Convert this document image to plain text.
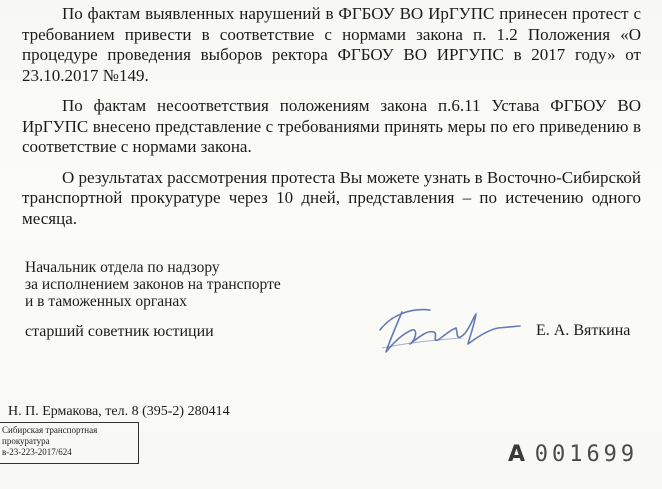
По фактам выявленных нарушений в ФГБОУ ВО ИрГУПС принесен протест с требованием привести в соответствие с нормами закона п. 1.2 Положения «О процедуре проведения выборов ректора ФГБОУ ВО ИРГУПС в 2017 году» от 23.10.2017 №149.

По фактам несоответствия положениям закона п.6.11 Устава ФГБОУ ВО ИрГУПС внесено представление с требованиями принять меры по его приведению в соответствие с нормами закона.

О результатах рассмотрения протеста Вы можете узнать в Восточно-Сибирской транспортной прокуратуре через 10 дней, представления – по истечению одного месяца.

Начальник отдела по надзору
за исполнением законов на транспорте
и в таможенных органах
старший советник юстиции	Е. А. Вяткина
Н. П. Ермакова, тел. 8 (395-2) 280414
Сибирская транспортная
прокуратура
в-23-223-2017/624	А 001699
